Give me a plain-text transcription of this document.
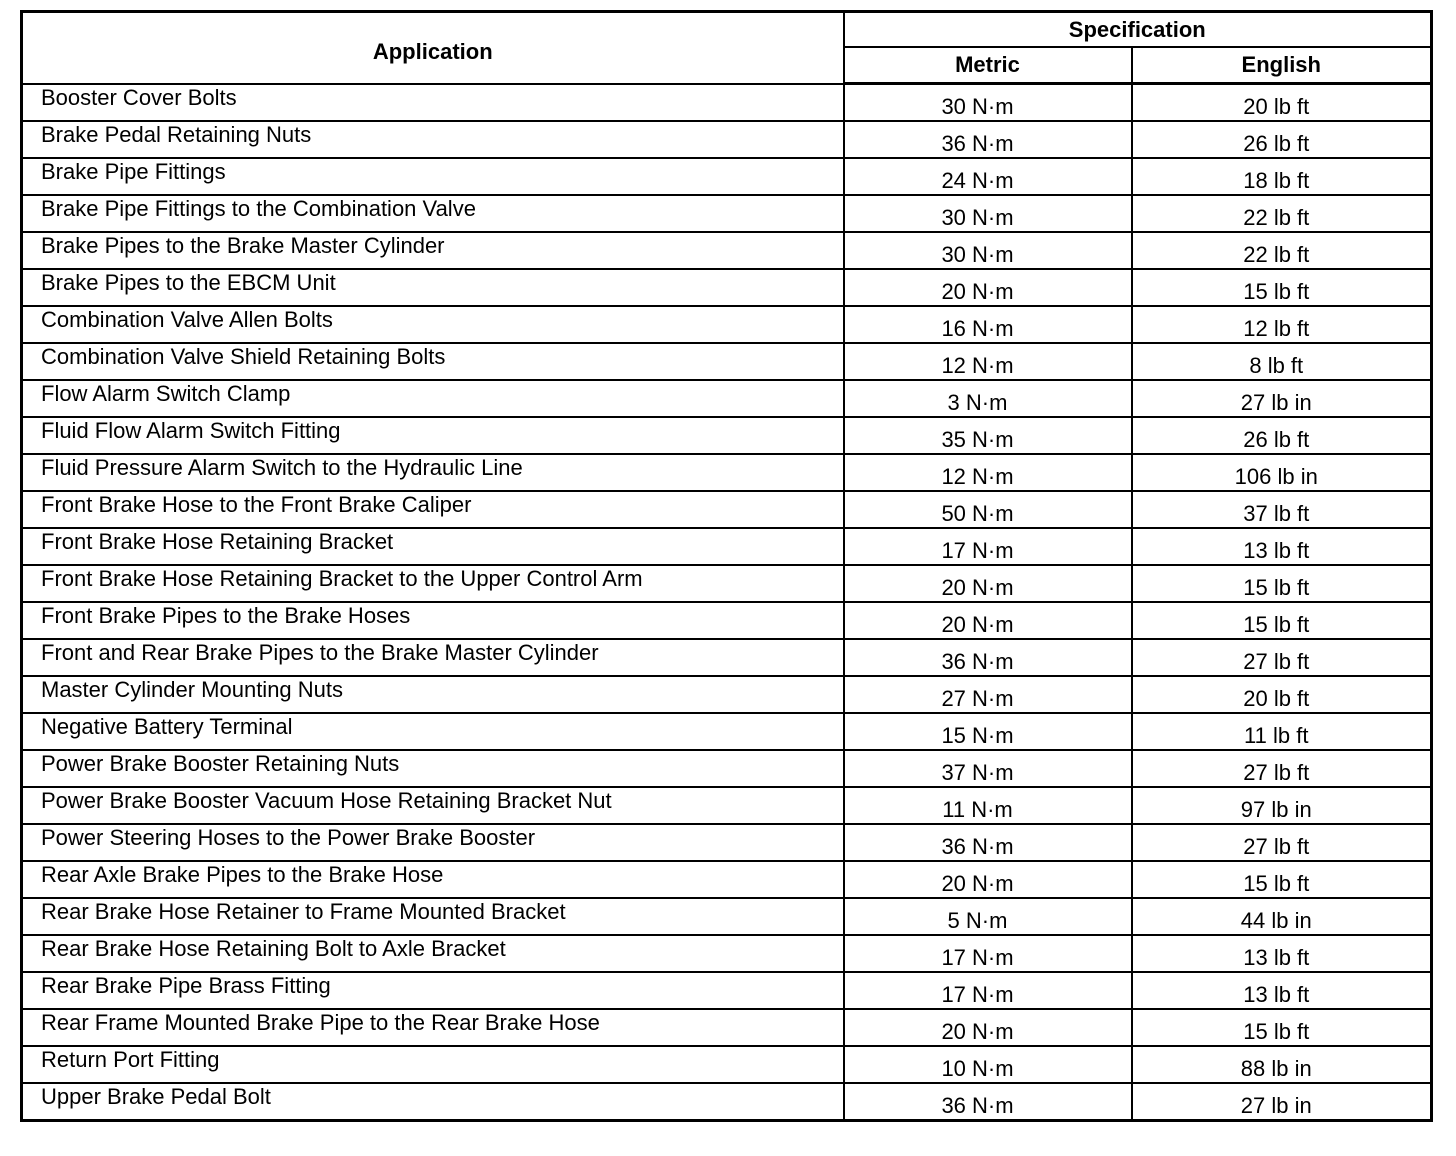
Application	Specification	
	Metric	English
Booster Cover Bolts	30 N·m	20 lb ft
Brake Pedal Retaining Nuts	36 N·m	26 lb ft
Brake Pipe Fittings	24 N·m	18 lb ft
Brake Pipe Fittings to the Combination Valve	30 N·m	22 lb ft
Brake Pipes to the Brake Master Cylinder	30 N·m	22 lb ft
Brake Pipes to the EBCM Unit	20 N·m	15 lb ft
Combination Valve Allen Bolts	16 N·m	12 lb ft
Combination Valve Shield Retaining Bolts	12 N·m	8 lb ft
Flow Alarm Switch Clamp	3 N·m	27 lb in
Fluid Flow Alarm Switch Fitting	35 N·m	26 lb ft
Fluid Pressure Alarm Switch to the Hydraulic Line	12 N·m	106 lb in
Front Brake Hose to the Front Brake Caliper	50 N·m	37 lb ft
Front Brake Hose Retaining Bracket	17 N·m	13 lb ft
Front Brake Hose Retaining Bracket to the Upper Control Arm	20 N·m	15 lb ft
Front Brake Pipes to the Brake Hoses	20 N·m	15 lb ft
Front and Rear Brake Pipes to the Brake Master Cylinder	36 N·m	27 lb ft
Master Cylinder Mounting Nuts	27 N·m	20 lb ft
Negative Battery Terminal	15 N·m	11 lb ft
Power Brake Booster Retaining Nuts	37 N·m	27 lb ft
Power Brake Booster Vacuum Hose Retaining Bracket Nut	11 N·m	97 lb in
Power Steering Hoses to the Power Brake Booster	36 N·m	27 lb ft
Rear Axle Brake Pipes to the Brake Hose	20 N·m	15 lb ft
Rear Brake Hose Retainer to Frame Mounted Bracket	5 N·m	44 lb in
Rear Brake Hose Retaining Bolt to Axle Bracket	17 N·m	13 lb ft
Rear Brake Pipe Brass Fitting	17 N·m	13 lb ft
Rear Frame Mounted Brake Pipe to the Rear Brake Hose	20 N·m	15 lb ft
Return Port Fitting	10 N·m	88 lb in
Upper Brake Pedal Bolt	36 N·m	27 lb in
